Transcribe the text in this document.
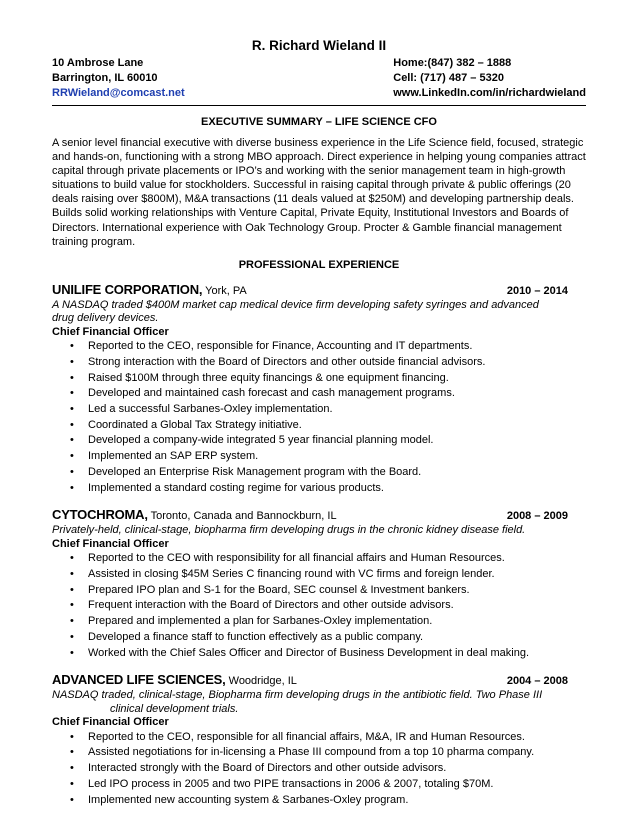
R. Richard Wieland II
10 Ambrose Lane
Barrington, IL 60010
RRWieland@comcast.net
Home:(847) 382 – 1888
Cell: (717) 487 – 5320
www.LinkedIn.com/in/richardwieland
EXECUTIVE SUMMARY – LIFE SCIENCE CFO

A senior level financial executive with diverse business experience in the Life Science field, focused, strategic and hands-on, functioning with a strong MBO approach. Direct experience in helping young companies attract capital through private placements or IPO’s and working with the senior management team in high-growth situations to build value for stockholders. Successful in raising capital through private & public offerings (20 deals raising over $800M), M&A transactions (11 deals valued at $250M) and developing partnership deals. Builds solid working relationships with Venture Capital, Private Equity, Institutional Investors and Boards of Directors. International experience with Oak Technology Group. Procter & Gamble financial management training program.

PROFESSIONAL EXPERIENCE
UNILIFE CORPORATION, York, PA	2010 – 2014

A NASDAQ traded $400M market cap medical device firm developing safety syringes and advanced
drug delivery devices.

Chief Financial Officer
• Reported to the CEO, responsible for Finance, Accounting and IT departments.
• Strong interaction with the Board of Directors and other outside financial advisors.
• Raised $100M through three equity financings & one equipment financing.
• Developed and maintained cash forecast and cash management programs.
• Led a successful Sarbanes-Oxley implementation.
• Coordinated a Global Tax Strategy initiative.
• Developed a company-wide integrated 5 year financial planning model.
• Implemented an SAP ERP system.
• Developed an Enterprise Risk Management program with the Board.
• Implemented a standard costing regime for various products.
CYTOCHROMA, Toronto, Canada and Bannockburn, IL	2008 – 2009

Privately-held, clinical-stage, biopharma firm developing drugs in the chronic kidney disease field.

Chief Financial Officer
• Reported to the CEO with responsibility for all financial affairs and Human Resources.
• Assisted in closing $45M Series C financing round with VC firms and foreign lender.
• Prepared IPO plan and S-1 for the Board, SEC counsel & Investment bankers.
• Frequent interaction with the Board of Directors and other outside advisors.
• Prepared and implemented a plan for Sarbanes-Oxley implementation.
• Developed a finance staff to function effectively as a public company.
• Worked with the Chief Sales Officer and Director of Business Development in deal making.
ADVANCED LIFE SCIENCES, Woodridge, IL	2004 – 2008

NASDAQ traded, clinical-stage, Biopharma firm developing drugs in the antibiotic field. Two Phase III
clinical development trials.

Chief Financial Officer
• Reported to the CEO, responsible for all financial affairs, M&A, IR and Human Resources.
• Assisted negotiations for in-licensing a Phase III compound from a top 10 pharma company.
• Interacted strongly with the Board of Directors and other outside advisors.
• Led IPO process in 2005 and two PIPE transactions in 2006 & 2007, totaling $70M.
• Implemented new accounting system & Sarbanes-Oxley program.
